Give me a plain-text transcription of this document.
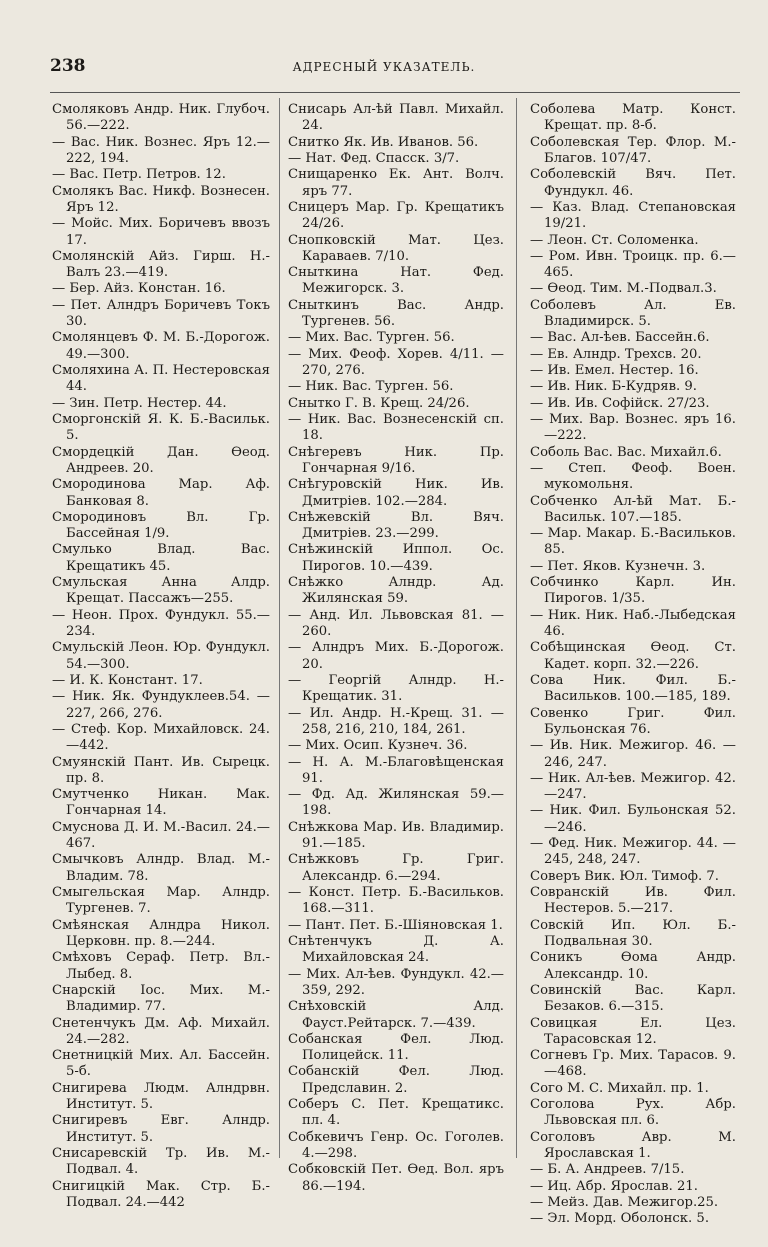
238	АДРЕСНЫЙ УКАЗАТЕЛЬ.

Смоляковъ Андр. Ник. Глубоч. 56.—222.

— Вас. Ник. Вознес. Яръ 12.—222, 194.

— Вас. Петр. Петров. 12.

Смолякъ Вас. Никф. Вознесен. Яръ 12.

— Мойс. Мих. Боричевъ ввозъ 17.

Смолянскій Айз. Гирш. Н.-Валъ 23.—419.

— Бер. Айз. Констан. 16.

— Пет. Алндръ Боричевъ Токъ 30.

Смолянцевъ Ф. М. Б.-Дорогож. 49.—300.

Смоляхина А. П. Нестеровская 44.

— Зин. Петр. Нестер. 44.

Сморгонскій Я. К. Б.-Васильк. 5.

Смордецкій Дан. Ѳеод. Андреев. 20.

Смородинова Мар. Аф. Банковая 8.

Смородиновъ Вл. Гр. Бассейная 1/9.

Смулько Влад. Вас. Крещатикъ 45.

Смульская Анна Алдр. Крещат. Пассажъ—255.

— Неон. Прох. Фундукл. 55.—234.

Смульскій Леон. Юр. Фундукл. 54.—300.

— И. К. Констант. 17.

— Ник. Як. Фундуклеев.54. —227, 266, 276.

— Стеф. Кор. Михайловск. 24.—442.

Смуянскій Пант. Ив. Сырецк. пр. 8.

Смутченко Никан. Мак. Гончарная 14.

Смуснова Д. И. М.-Васил. 24.—467.

Смычковъ Алндр. Влад. М.-Владим. 78.

Смыгельская Мар. Алндр. Тургенев. 7.

Смѣянская Алндра Никол. Церковн. пр. 8.—244.

Смѣховъ Сераф. Петр. Вл.-Лыбед. 8.

Снарскій Іос. Мих. М.-Владимир. 77.

Снетенчукъ Дм. Аф. Михайл. 24.—282.

Снетницкій Мих. Ал. Бассейн. 5-б.

Снигирева Людм. Алндрвн. Институт. 5.

Снигиревъ Евг. Алндр. Институт. 5.

Снисаревскій Тр. Ив. М.-Подвал. 4.

Снигицкій Мак. Стр. Б.-Подвал. 24.—442

Снисарь Ал-ѣй Павл. Михайл. 24.

Снитко Як. Ив. Иванов. 56.

— Нат. Фед. Спасск. 3/7.

Снищаренко Ек. Ант. Волч. яръ 77.

Сницеръ Мар. Гр. Крещатикъ 24/26.

Снопковскій Мат. Цез. Караваев. 7/10.

Сныткина Нат. Фед. Межигорск. 3.

Сныткинъ Вас. Андр. Тургенев. 56.

— Мих. Вас. Турген. 56.

— Мих. Феоф. Хорев. 4/11. —270, 276.

— Ник. Вас. Турген. 56.

Снытко Г. В. Крещ. 24/26.

— Ник. Вас. Вознесенскій сп. 18.

Снѣгеревъ Ник. Пр. Гончарная 9/16.

Снѣгуровскій Ник. Ив. Дмитріев. 102.—284.

Снѣжевскій Вл. Вяч. Дмитріев. 23.—299.

Снѣжинскій Иппол. Ос. Пирогов. 10.—439.

Снѣжко Алндр. Ад. Жилянская 59.

— Анд. Ил. Львовская 81. —260.

— Алндръ Мих. Б.-Дорогож. 20.

— Георгій Алндр. Н.-Крещатик. 31.

— Ил. Андр. Н.-Крещ. 31. —258, 216, 210, 184, 261.

— Мих. Осип. Кузнеч. 36.

— Н. А. М.-Благовѣщенская 91.

— Фд. Ад. Жилянская 59.—198.

Снѣжкова Мар. Ив. Владимир. 91.—185.

Снѣжковъ Гр. Григ. Александр. 6.—294.

— Конст. Петр. Б.-Васильков. 168.—311.

— Пант. Пет. Б.-Шіяновская 1.

Снѣтенчукъ Д. А. Михайловская 24.

— Мих. Ал-ѣев. Фундукл. 42.—359, 292.

Снѣховскій Алд. Фауст.Рейтарск. 7.—439.

Собанская Фел. Люд. Полицейск. 11.

Собанскій Фел. Люд. Предславин. 2.

Соберъ С. Пет. Крещатикс. пл. 4.

Собкевичъ Генр. Ос. Гоголев. 4.—298.

Собковскій Пет. Ѳед. Вол. яръ 86.—194.

Соболева Матр. Конст. Крещат. пр. 8-б.

Соболевская Тер. Флор. М.-Благов. 107/47.

Соболевскій Вяч. Пет. Фундукл. 46.

— Каз. Влад. Степановская 19/21.

— Леон. Ст. Соломенка.

— Ром. Ивн. Троицк. пр. 6.—465.

— Ѳеод. Тим. М.-Подвал.3.

Соболевъ Ал. Ев. Владимирск. 5.

— Вас. Ал-ѣев. Бассейн.6.

— Ев. Алндр. Трехсв. 20.

— Ив. Емел. Нестер. 16.

— Ив. Ник. Б-Кудряв. 9.

— Ив. Ив. Софійск. 27/23.

— Мих. Вар. Вознес. яръ 16.—222.

Соболь Вас. Вас. Михайл.6.

— Степ. Феоф. Воен. мукомольня.

Собченко Ал-ѣй Мат. Б.-Васильк. 107.—185.

— Мар. Макар. Б.-Васильков. 85.

— Пет. Яков. Кузнечн. 3.

Собчинко Карл. Ин. Пирогов. 1/35.

— Ник. Ник. Наб.-Лыбедская 46.

Собѣщинская Ѳеод. Ст. Кадет. корп. 32.—226.

Сова Ник. Фил. Б.-Васильков. 100.—185, 189.

Совенко Григ. Фил. Бульонская 76.

— Ив. Ник. Межигор. 46. —246, 247.

— Ник. Ал-ѣев. Межигор. 42.—247.

— Ник. Фил. Бульонская 52.—246.

— Фед. Ник. Межигор. 44. —245, 248, 247.

Соверъ Вик. Юл. Тимоф. 7.

Совранскій Ив. Фил. Нестеров. 5.—217.

Совскій Ип. Юл. Б.-Подвальная 30.

Соникъ Ѳома Андр. Александр. 10.

Совинскій Вас. Карл. Безаков. 6.—315.

Совицкая Ел. Цез. Тарасовская 12.

Согневъ Гр. Мих. Тарасов. 9.—468.

Сого М. С. Михайл. пр. 1.

Соголова Рух. Абр. Львовская пл. 6.

Соголовъ Авр. М. Ярославская 1.

— Б. А. Андреев. 7/15.

— Иц. Абр. Ярослав. 21.

— Мейз. Дав. Межигор.25.

— Эл. Морд. Оболонск. 5.
